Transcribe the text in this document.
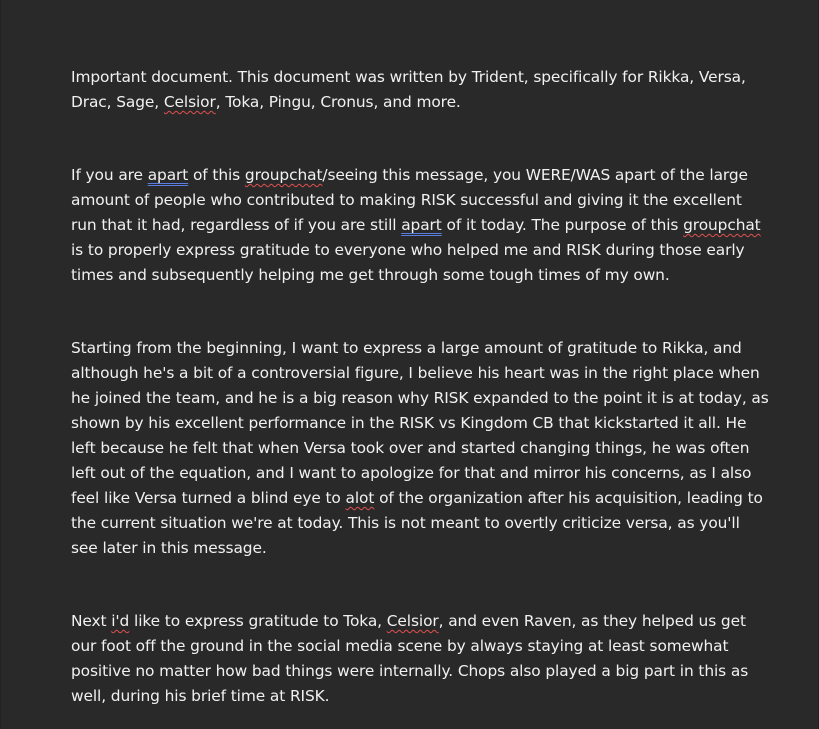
Important document. This document was written by Trident, specifically for Rikka, Versa, Drac, Sage, Celsior, Toka, Pingu, Cronus, and more.

If you are apart of this groupchat/seeing this message, you WERE/WAS apart of the large amount of people who contributed to making RISK successful and giving it the excellent run that it had, regardless of if you are still apart of it today. The purpose of this groupchat is to properly express gratitude to everyone who helped me and RISK during those early times and subsequently helping me get through some tough times of my own.

Starting from the beginning, I want to express a large amount of gratitude to Rikka, and although he's a bit of a controversial figure, I believe his heart was in the right place when he joined the team, and he is a big reason why RISK expanded to the point it is at today, as shown by his excellent performance in the RISK vs Kingdom CB that kickstarted it all. He left because he felt that when Versa took over and started changing things, he was often left out of the equation, and I want to apologize for that and mirror his concerns, as I also feel like Versa turned a blind eye to alot of the organization after his acquisition, leading to the current situation we're at today. This is not meant to overtly criticize versa, as you'll see later in this message.

Next i'd like to express gratitude to Toka, Celsior, and even Raven, as they helped us get our foot off the ground in the social media scene by always staying at least somewhat positive no matter how bad things were internally. Chops also played a big part in this as well, during his brief time at RISK.
